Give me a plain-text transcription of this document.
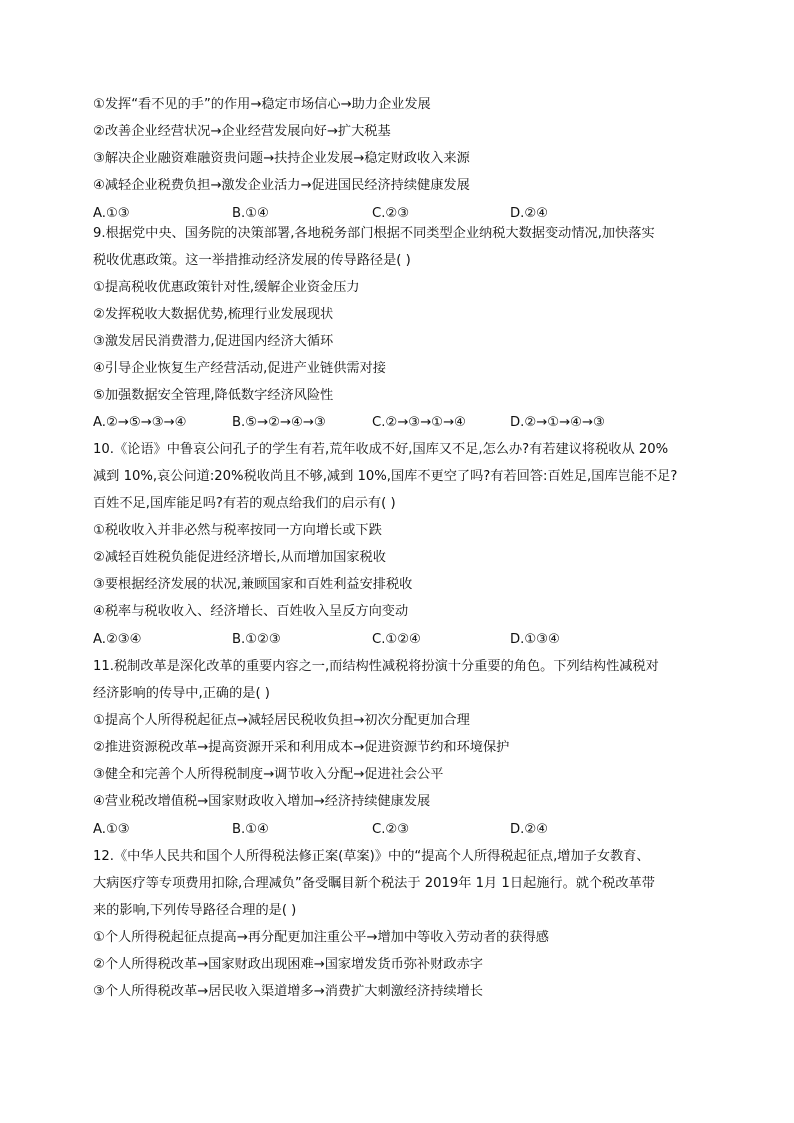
①发挥“看不见的手”的作用→稳定市场信心→助力企业发展
②改善企业经营状况→企业经营发展向好→扩大税基
③解决企业融资难融资贵问题→扶持企业发展→稳定财政收入来源
④减轻企业税费负担→激发企业活力→促进国民经济持续健康发展
A.①③	B.①④	C.②③	D.②④
9.根据党中央、国务院的决策部署,各地税务部门根据不同类型企业纳税大数据变动情况,加快落实
税收优惠政策。这一举措推动经济发展的传导路径是( )
①提高税收优惠政策针对性,缓解企业资金压力
②发挥税收大数据优势,梳理行业发展现状
③激发居民消费潜力,促进国内经济大循环
④引导企业恢复生产经营活动,促进产业链供需对接
⑤加强数据安全管理,降低数字经济风险性
A.②→⑤→③→④	B.⑤→②→④→③	C.②→③→①→④	D.②→①→④→③
10.《论语》中鲁哀公问孔子的学生有若,荒年收成不好,国库又不足,怎么办?有若建议将税收从 20%
减到 10%,哀公问道:20%税收尚且不够,减到 10%,国库不更空了吗?有若回答:百姓足,国库岂能不足?
百姓不足,国库能足吗?有若的观点给我们的启示有( )
①税收收入并非必然与税率按同一方向增长或下跌
②减轻百姓税负能促进经济增长,从而增加国家税收
③要根据经济发展的状况,兼顾国家和百姓利益安排税收
④税率与税收收入、经济增长、百姓收入呈反方向变动
A.②③④	B.①②③	C.①②④	D.①③④
11.税制改革是深化改革的重要内容之一,而结构性减税将扮演十分重要的角色。下列结构性减税对
经济影响的传导中,正确的是( )
①提高个人所得税起征点→减轻居民税收负担→初次分配更加合理
②推进资源税改革→提高资源开采和利用成本→促进资源节约和环境保护
③健全和完善个人所得税制度→调节收入分配→促进社会公平
④营业税改增值税→国家财政收入增加→经济持续健康发展
A.①③	B.①④	C.②③	D.②④
12.《中华人民共和国个人所得税法修正案(草案)》中的“提高个人所得税起征点,增加子女教育、
大病医疗等专项费用扣除,合理减负”备受瞩目新个税法于 2019年 1月 1日起施行。就个税改革带
来的影响,下列传导路径合理的是( )
①个人所得税起征点提高→再分配更加注重公平→增加中等收入劳动者的获得感
②个人所得税改革→国家财政出现困难→国家增发货币弥补财政赤字
③个人所得税改革→居民收入渠道增多→消费扩大刺激经济持续增长
